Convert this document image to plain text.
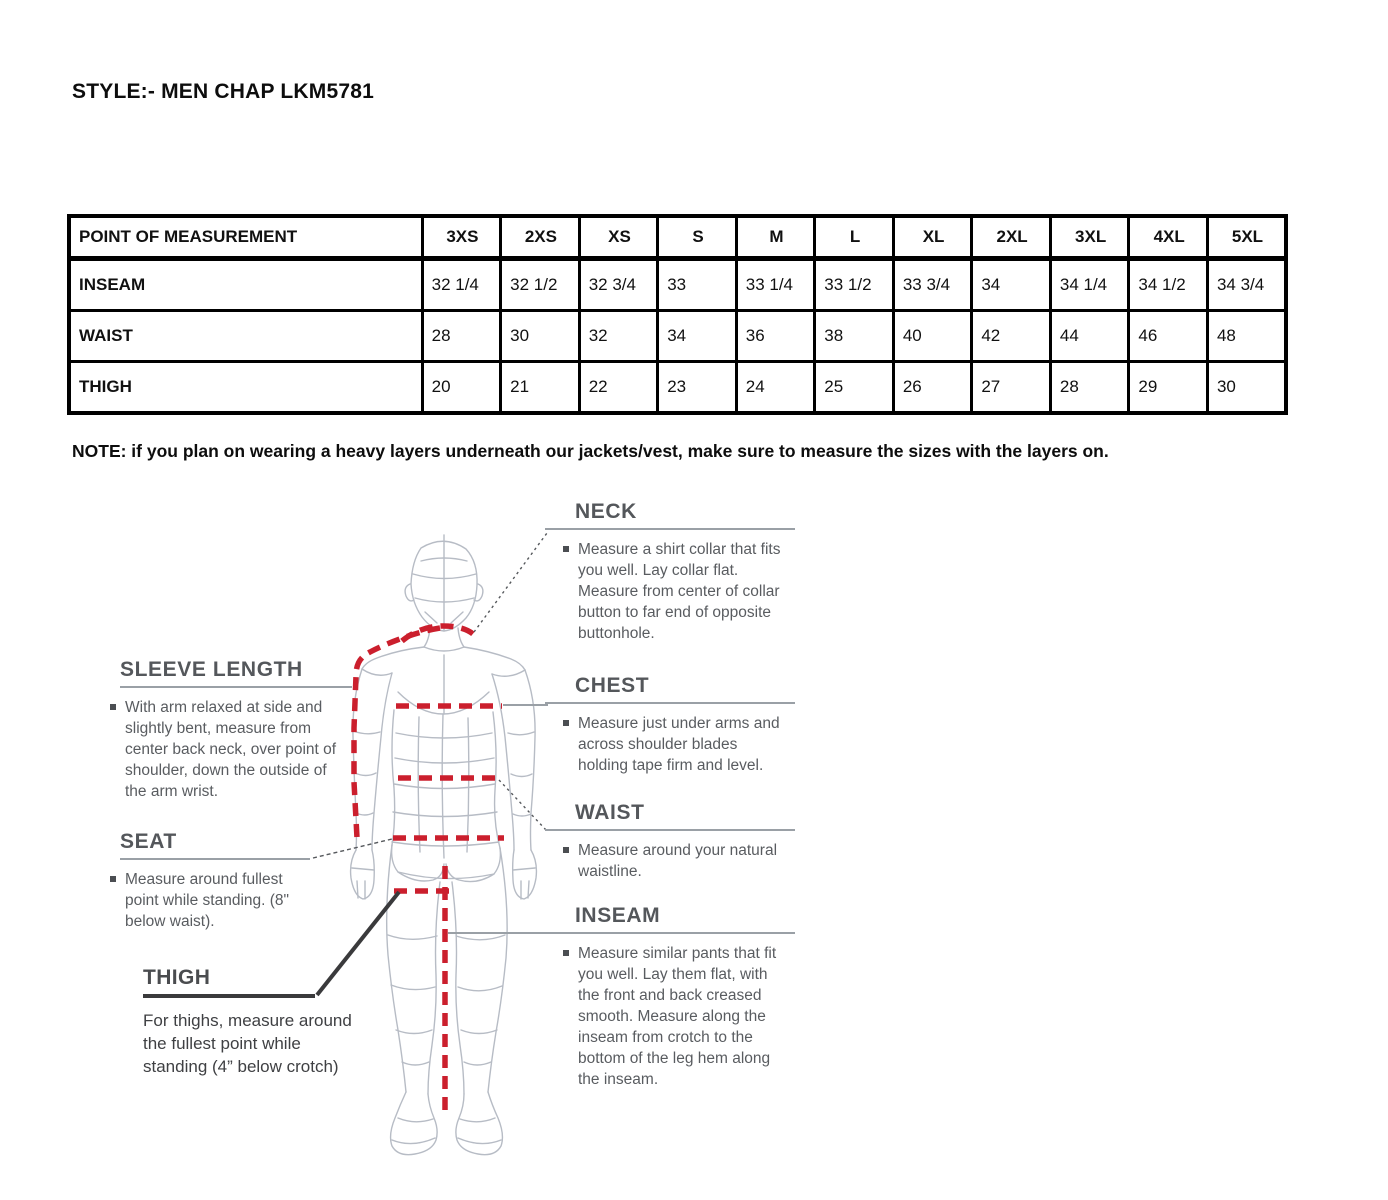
STYLE:- MEN CHAP LKM5781
POINT OF MEASUREMENT	3XS	2XS	XS	S	M	L	XL	2XL	3XL	4XL	5XL
INSEAM	32 1/4	32 1/2	32 3/4	33	33 1/4	33 1/2	33 3/4	34	34 1/4	34 1/2	34 3/4
WAIST	28	30	32	34	36	38	40	42	44	46	48
THIGH	20	21	22	23	24	25	26	27	28	29	30
NOTE: if you plan on wearing a heavy layers underneath our jackets/vest, make sure to measure the sizes with the layers on.
NECK
Measure a shirt collar that fits you well. Lay collar flat. Measure from center of collar button to far end of opposite buttonhole.
CHEST
Measure just under arms and across shoulder blades holding tape firm and level.
WAIST
Measure around your natural waistline.
INSEAM
Measure similar pants that fit you well. Lay them flat, with the front and back creased smooth. Measure along the inseam from crotch to the bottom of the leg hem along the inseam.
SLEEVE LENGTH
With arm relaxed at side and slightly bent, measure from center back neck, over point of shoulder, down the outside of the arm wrist.
SEAT
Measure around fullest point while standing. (8" below waist).
THIGH
For thighs, measure around the fullest point while standing (4” below crotch)
